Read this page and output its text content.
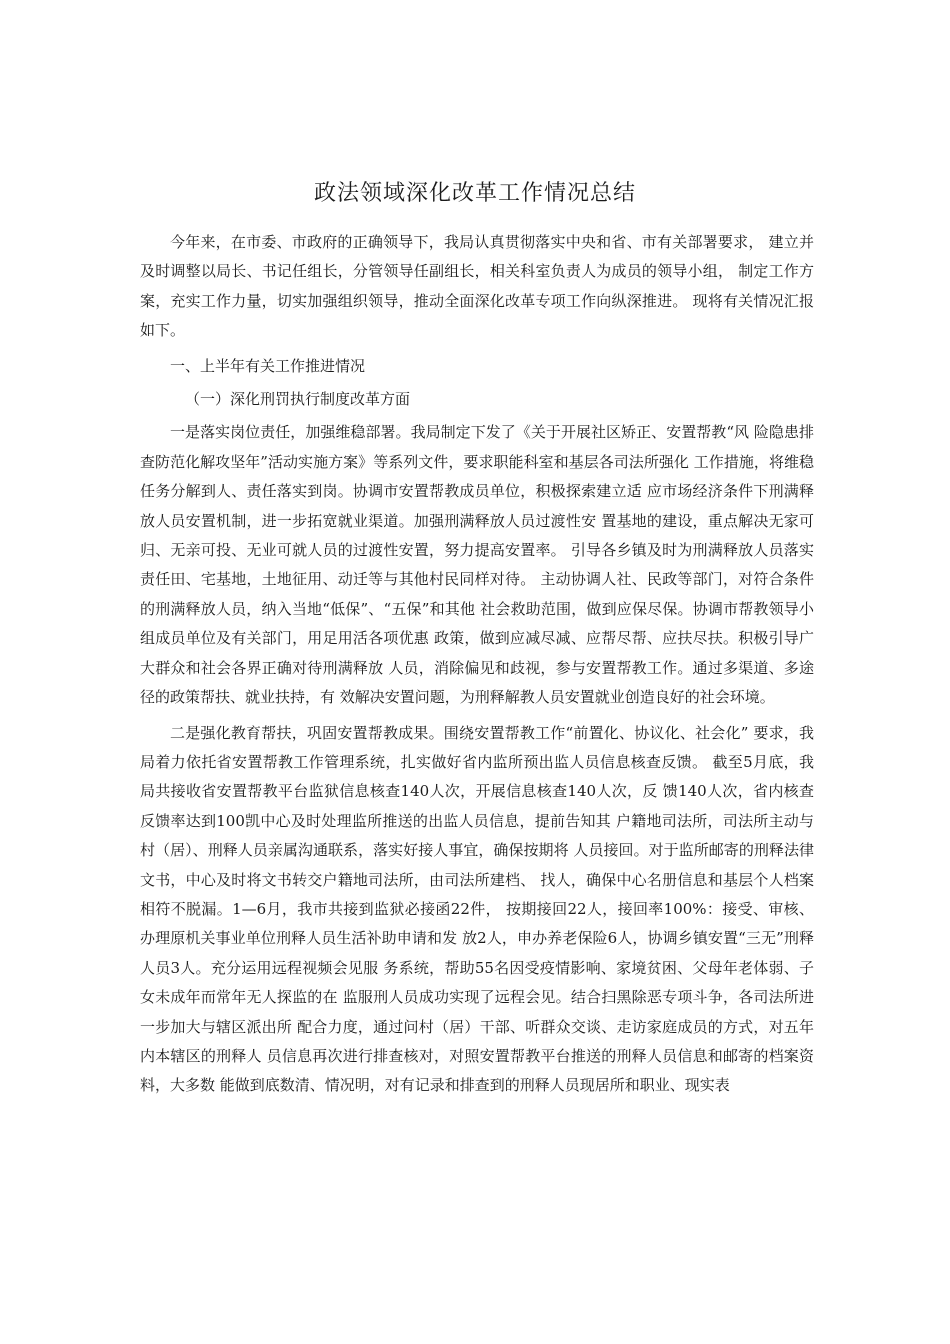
政法领域深化改革工作情况总结

今年来，在市委、市政府的正确领导下，我局认真贯彻落实中央和省、市有关部署要求， 建立并及时调整以局长、书记任组长，分管领导任副组长，相关科室负责人为成员的领导小组， 制定工作方案，充实工作力量，切实加强组织领导，推动全面深化改革专项工作向纵深推进。 现将有关情况汇报如下。

一、上半年有关工作推进情况

（一）深化刑罚执行制度改革方面

一是落实岗位责任，加强维稳部署。我局制定下发了《关于开展社区矫正、安置帮教“风 险隐患排查防范化解攻坚年”活动实施方案》等系列文件，要求职能科室和基层各司法所强化 工作措施，将维稳任务分解到人、责任落实到岗。协调市安置帮教成员单位，积极探索建立适 应市场经济条件下刑满释放人员安置机制，进一步拓宽就业渠道。加强刑满释放人员过渡性安 置基地的建设，重点解决无家可归、无亲可投、无业可就人员的过渡性安置，努力提高安置率。 引导各乡镇及时为刑满释放人员落实责任田、宅基地，土地征用、动迁等与其他村民同样对待。 主动协调人社、民政等部门，对符合条件的刑满释放人员，纳入当地“低保”、“五保”和其他 社会救助范围，做到应保尽保。协调市帮教领导小组成员单位及有关部门，用足用活各项优惠 政策，做到应减尽减、应帮尽帮、应扶尽扶。积极引导广大群众和社会各界正确对待刑满释放 人员，消除偏见和歧视，参与安置帮教工作。通过多渠道、多途径的政策帮扶、就业扶持，有 效解决安置问题，为刑释解教人员安置就业创造良好的社会环境。

二是强化教育帮扶，巩固安置帮教成果。围绕安置帮教工作“前置化、协议化、社会化” 要求，我局着力依托省安置帮教工作管理系统，扎实做好省内监所预出监人员信息核查反馈。 截至5月底，我局共接收省安置帮教平台监狱信息核查140人次，开展信息核查140人次，反 馈140人次，省内核查反馈率达到100凯中心及时处理监所推送的出监人员信息，提前告知其 户籍地司法所，司法所主动与村（居）、刑释人员亲属沟通联系，落实好接人事宜，确保按期将 人员接回。对于监所邮寄的刑释法律文书，中心及时将文书转交户籍地司法所，由司法所建档、 找人，确保中心名册信息和基层个人档案相符不脱漏。1—6月，我市共接到监狱必接函22件， 按期接回22人，接回率100%：接受、审核、办理原机关事业单位刑释人员生活补助申请和发 放2人，申办养老保险6人，协调乡镇安置“三无”刑释人员3人。充分运用远程视频会见服 务系统，帮助55名因受疫情影响、家境贫困、父母年老体弱、子女未成年而常年无人探监的在 监服刑人员成功实现了远程会见。结合扫黑除恶专项斗争，各司法所进一步加大与辖区派出所 配合力度，通过问村（居）干部、听群众交谈、走访家庭成员的方式，对五年内本辖区的刑释人 员信息再次进行排查核对，对照安置帮教平台推送的刑释人员信息和邮寄的档案资料，大多数 能做到底数清、情况明，对有记录和排查到的刑释人员现居所和职业、现实表
